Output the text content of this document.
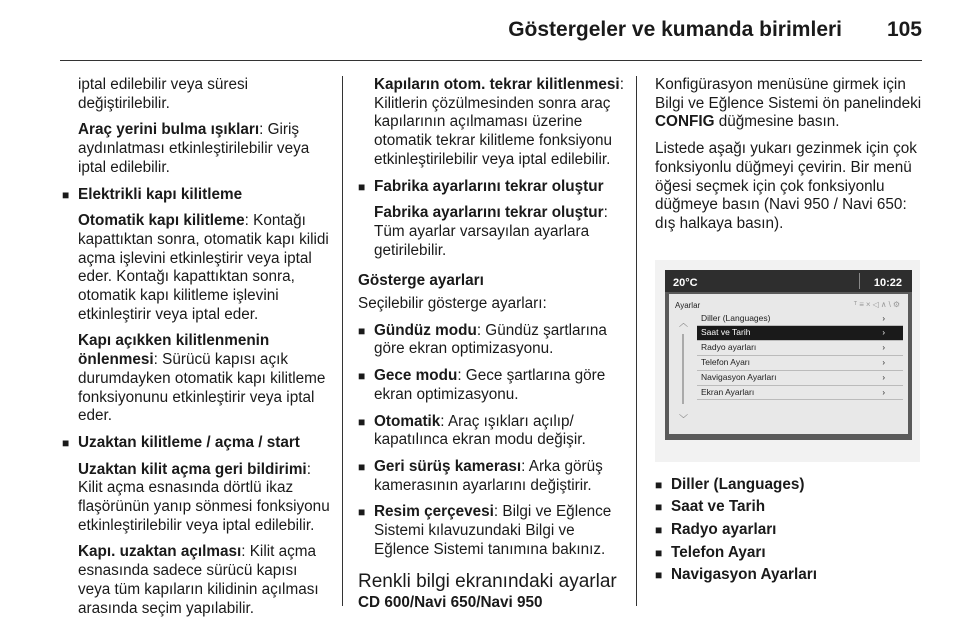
Göstergeler ve kumanda birimleri 105

iptal edilebilir veya süresi değiştirilebilir.

Araç yerini bulma ışıkları: Giriş aydınlatması etkinleştirilebilir veya iptal edilebilir.

■ Elektrikli kapı kilitleme

Otomatik kapı kilitleme: Kontağı kapattıktan sonra, otomatik kapı kilidi açma işlevini etkinleştirir veya iptal eder. Kontağı kapattıktan sonra, otomatik kapı kilitleme işlevini etkinleştirir veya iptal eder.

Kapı açıkken kilitlenmenin önlenmesi: Sürücü kapısı açık durumdayken otomatik kapı kilitleme fonksiyonunu etkinleştirir veya iptal eder.

■ Uzaktan kilitleme / açma / start

Uzaktan kilit açma geri bildirimi: Kilit açma esnasında dörtlü ikaz flaşörünün yanıp sönmesi fonksiyonu etkinleştirilebilir veya iptal edilebilir.

Kapı. uzaktan açılması: Kilit açma esnasında sadece sürücü kapısı veya tüm kapıların kilidinin açılması arasında seçim yapılabilir.

Kapıların otom. tekrar kilitlenmesi: Kilitlerin çözülmesinden sonra araç kapılarının açılmaması üzerine otomatik tekrar kilitleme fonksiyonu etkinleştirilebilir veya iptal edilebilir.

■ Fabrika ayarlarını tekrar oluştur

Fabrika ayarlarını tekrar oluştur: Tüm ayarlar varsayılan ayarlara getirilebilir.

Gösterge ayarları

Seçilebilir gösterge ayarları:

■ Gündüz modu: Gündüz şartlarına göre ekran optimizasyonu.
■ Gece modu: Gece şartlarına göre ekran optimizasyonu.
■ Otomatik: Araç ışıkları açılıp/ kapatılınca ekran modu değişir.
■ Geri sürüş kamerası: Arka görüş kamerasının ayarlarını değiştirir.
■ Resim çerçevesi: Bilgi ve Eğlence Sistemi kılavuzundaki Bilgi ve Eğlence Sistemi tanımına bakınız.
Renkli bilgi ekranındaki ayarlar
CD 600/Navi 650/Navi 950

Konfigürasyon menüsüne girmek için Bilgi ve Eğlence Sistemi ön panelindeki CONFIG düğmesine basın.

Listede aşağı yukarı gezinmek için çok fonksiyonlu düğmeyi çevirin. Bir menü öğesi seçmek için çok fonksiyonlu düğmeye basın (Navi 950 / Navi 650: dış halkaya basın).

20°C	10:22
Ayarlar	ᵀ≡×◁∧\⚙
︿
﹀
Diller (Languages)	›
Saat ve Tarih	›
Radyo ayarları	›
Telefon Ayarı	›
Navigasyon Ayarları	›
Ekran Ayarları	›
■ Diller (Languages)
■ Saat ve Tarih
■ Radyo ayarları
■ Telefon Ayarı
■ Navigasyon Ayarları
